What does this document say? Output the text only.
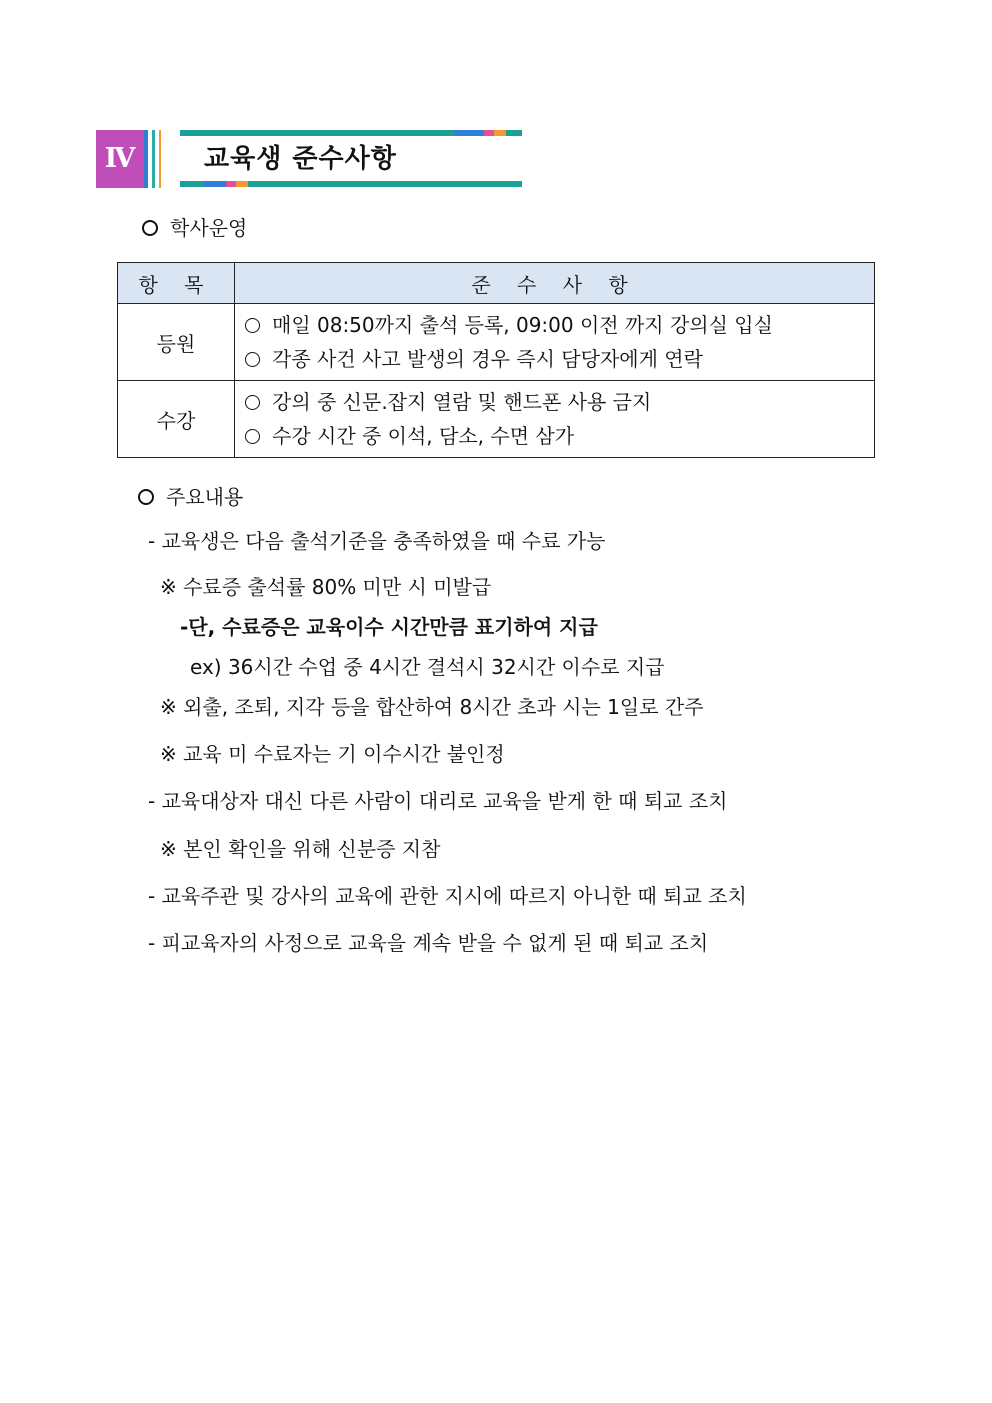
Ⅳ	교육생 준수사항
학사운영
항 목	준 수 사 항
등원	매일 08:50까지 출석 등록, 09:00 이전 까지 강의실 입실
각종 사건 사고 발생의 경우 즉시 담당자에게 연락

수강	강의 중 신문.잡지 열람 및 핸드폰 사용 금지
수강 시간 중 이석, 담소, 수면 삼가
주요내용
- 교육생은 다음 출석기준을 충족하였을 때 수료 가능
※ 수료증 출석률 80% 미만 시 미발급
-단, 수료증은 교육이수 시간만큼 표기하여 지급
ex) 36시간 수업 중 4시간 결석시 32시간 이수로 지급
※ 외출, 조퇴, 지각 등을 합산하여 8시간 초과 시는 1일로 간주
※ 교육 미 수료자는 기 이수시간 불인정
- 교육대상자 대신 다른 사람이 대리로 교육을 받게 한 때 퇴교 조치
※ 본인 확인을 위해 신분증 지참
- 교육주관 및 강사의 교육에 관한 지시에 따르지 아니한 때 퇴교 조치
- 피교육자의 사정으로 교육을 계속 받을 수 없게 된 때 퇴교 조치
